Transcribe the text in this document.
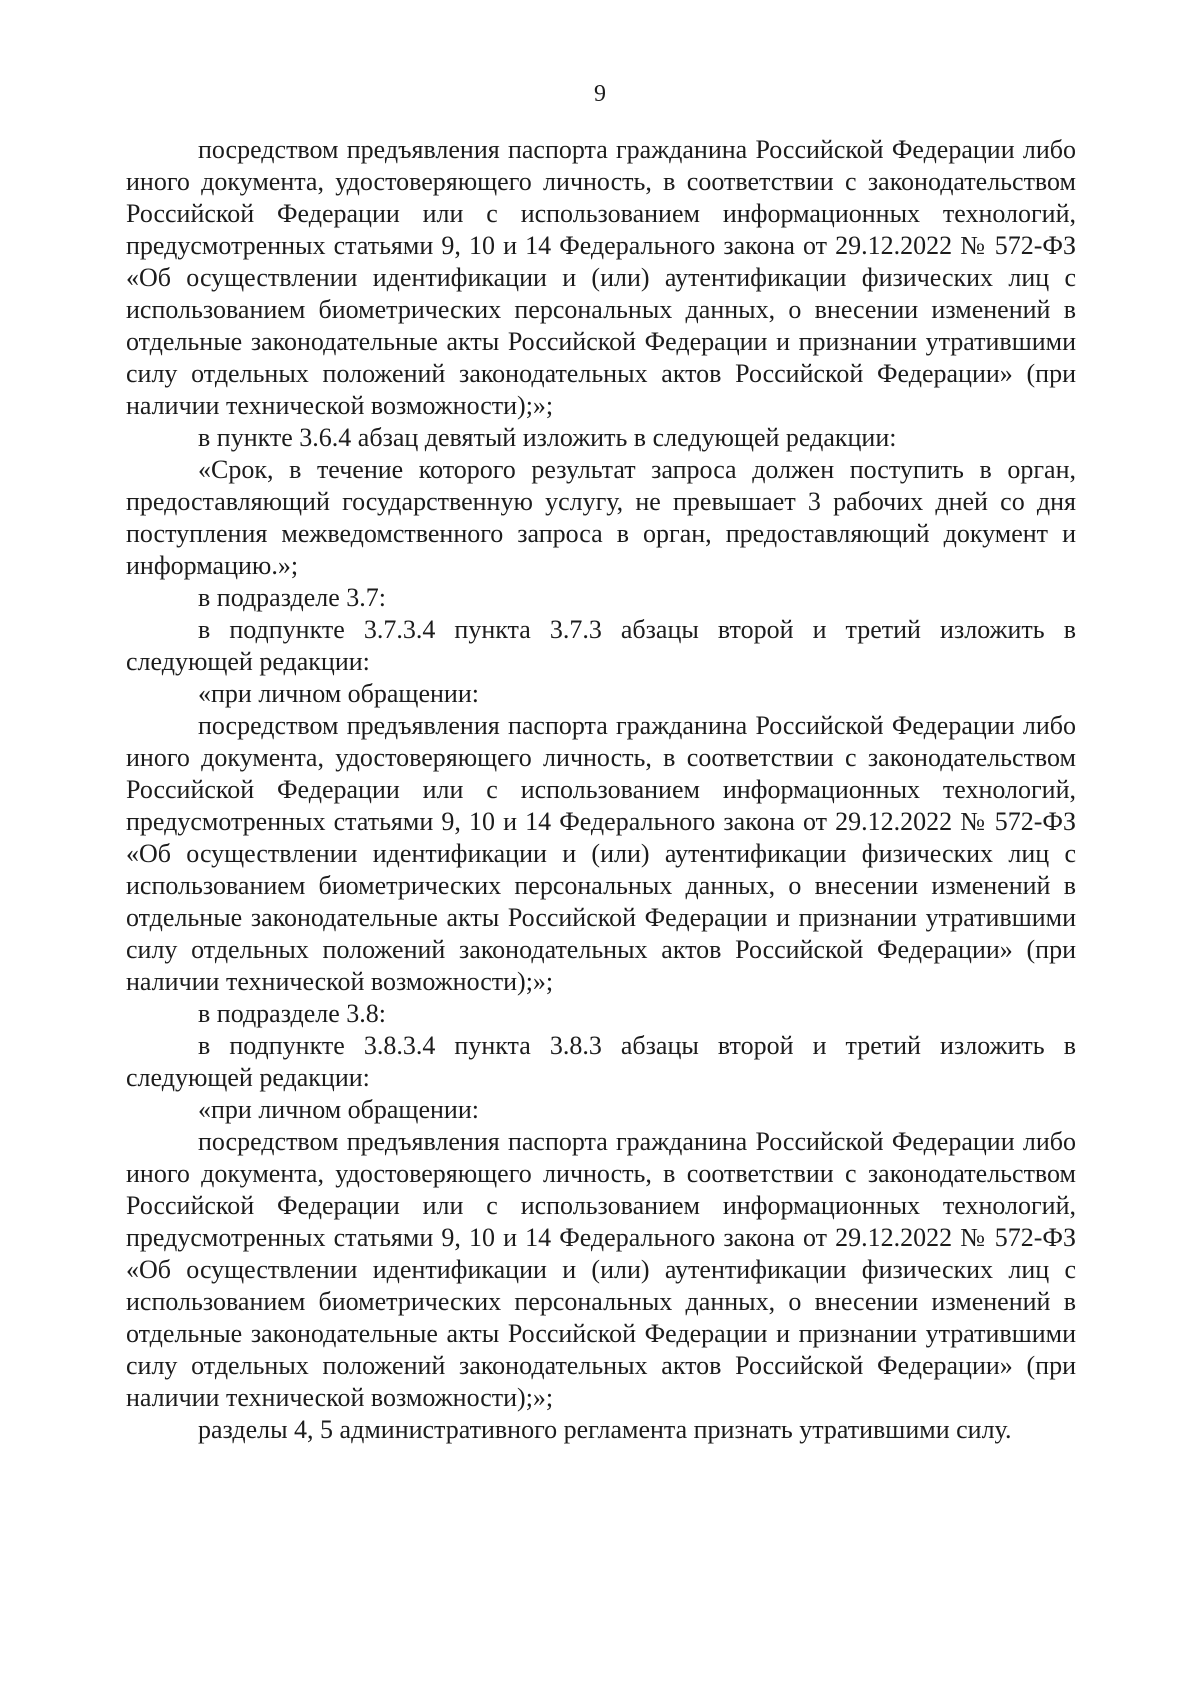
9

посредством предъявления паспорта гражданина Российской Федерации либо иного документа, удостоверяющего личность, в соответствии с законодательством Российской Федерации или с использованием информационных технологий, предусмотренных статьями 9, 10 и 14 Федерального закона от 29.12.2022 № 572-ФЗ «Об осуществлении идентификации и (или) аутентификации физических лиц с использованием биометрических персональных данных, о внесении изменений в отдельные законодательные акты Российской Федерации и признании утратившими силу отдельных положений законодательных актов Российской Федерации» (при наличии технической возможности);»;

в пункте 3.6.4 абзац девятый изложить в следующей редакции:

«Срок, в течение которого результат запроса должен поступить в орган, предоставляющий государственную услугу, не превышает 3 рабочих дней со дня поступления межведомственного запроса в орган, предоставляющий документ и информацию.»;

в подразделе 3.7:

в подпункте 3.7.3.4 пункта 3.7.3 абзацы второй и третий изложить в следующей редакции:

«при личном обращении:

посредством предъявления паспорта гражданина Российской Федерации либо иного документа, удостоверяющего личность, в соответствии с законодательством Российской Федерации или с использованием информационных технологий, предусмотренных статьями 9, 10 и 14 Федерального закона от 29.12.2022 № 572-ФЗ «Об осуществлении идентификации и (или) аутентификации физических лиц с использованием биометрических персональных данных, о внесении изменений в отдельные законодательные акты Российской Федерации и признании утратившими силу отдельных положений законодательных актов Российской Федерации» (при наличии технической возможности);»;

в подразделе 3.8:

в подпункте 3.8.3.4 пункта 3.8.3 абзацы второй и третий изложить в следующей редакции:

«при личном обращении:

посредством предъявления паспорта гражданина Российской Федерации либо иного документа, удостоверяющего личность, в соответствии с законодательством Российской Федерации или с использованием информационных технологий, предусмотренных статьями 9, 10 и 14 Федерального закона от 29.12.2022 № 572-ФЗ «Об осуществлении идентификации и (или) аутентификации физических лиц с использованием биометрических персональных данных, о внесении изменений в отдельные законодательные акты Российской Федерации и признании утратившими силу отдельных положений законодательных актов Российской Федерации» (при наличии технической возможности);»;

разделы 4, 5 административного регламента признать утратившими силу.
